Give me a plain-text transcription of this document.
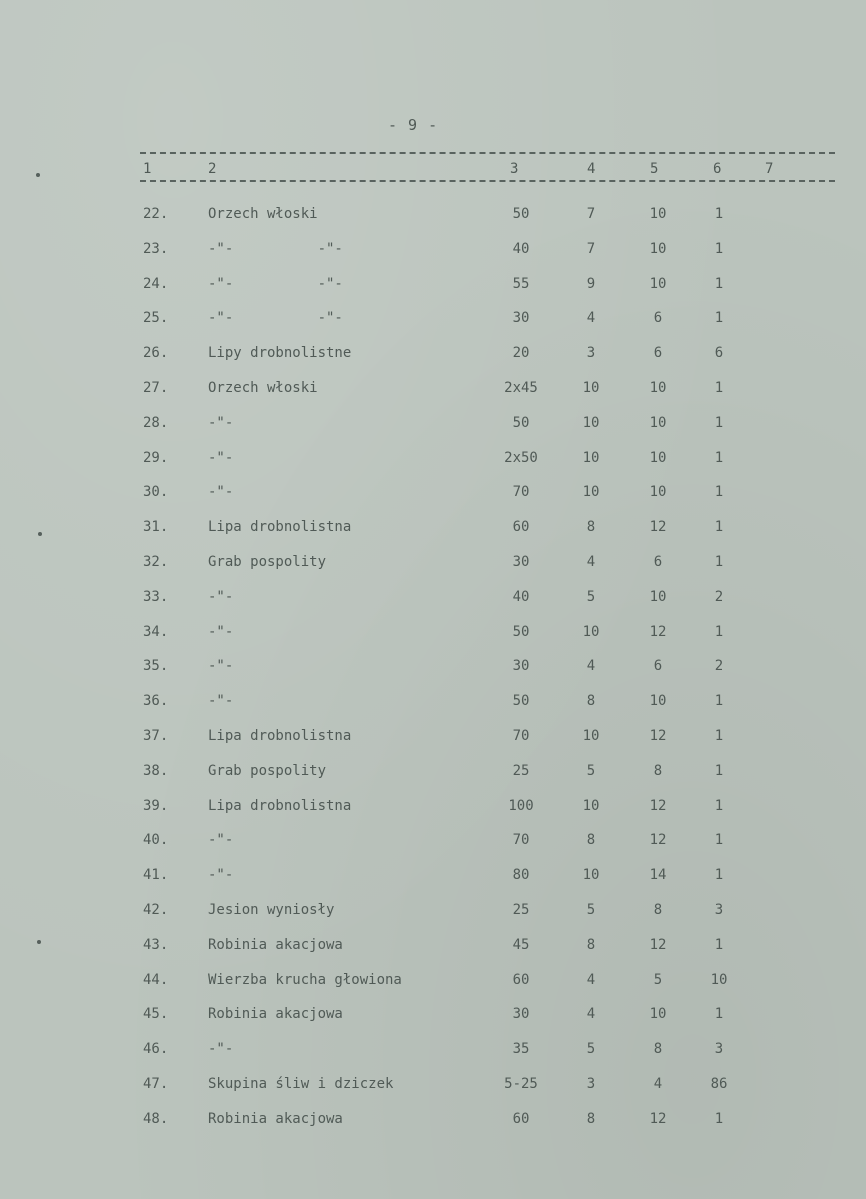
- 9 -
1	2	3	4	5	6	7
22.	Orzech włoski	50	7	10	1
23.	-"-          -"-	40	7	10	1
24.	-"-          -"-	55	9	10	1
25.	-"-          -"-	30	4	6	1
26.	Lipy drobnolistne	20	3	6	6
27.	Orzech włoski	2x45	10	10	1
28.	-"-	50	10	10	1
29.	-"-	2x50	10	10	1
30.	-"-	70	10	10	1
31.	Lipa drobnolistna	60	8	12	1
32.	Grab pospolity	30	4	6	1
33.	-"-	40	5	10	2
34.	-"-	50	10	12	1
35.	-"-	30	4	6	2
36.	-"-	50	8	10	1
37.	Lipa drobnolistna	70	10	12	1
38.	Grab pospolity	25	5	8	1
39.	Lipa drobnolistna	100	10	12	1
40.	-"-	70	8	12	1
41.	-"-	80	10	14	1
42.	Jesion wyniosły	25	5	8	3
43.	Robinia akacjowa	45	8	12	1
44.	Wierzba krucha głowiona	60	4	5	10
45.	Robinia akacjowa	30	4	10	1
46.	-"-	35	5	8	3
47.	Skupina śliw i dziczek	5-25	3	4	86
48.	Robinia akacjowa	60	8	12	1
